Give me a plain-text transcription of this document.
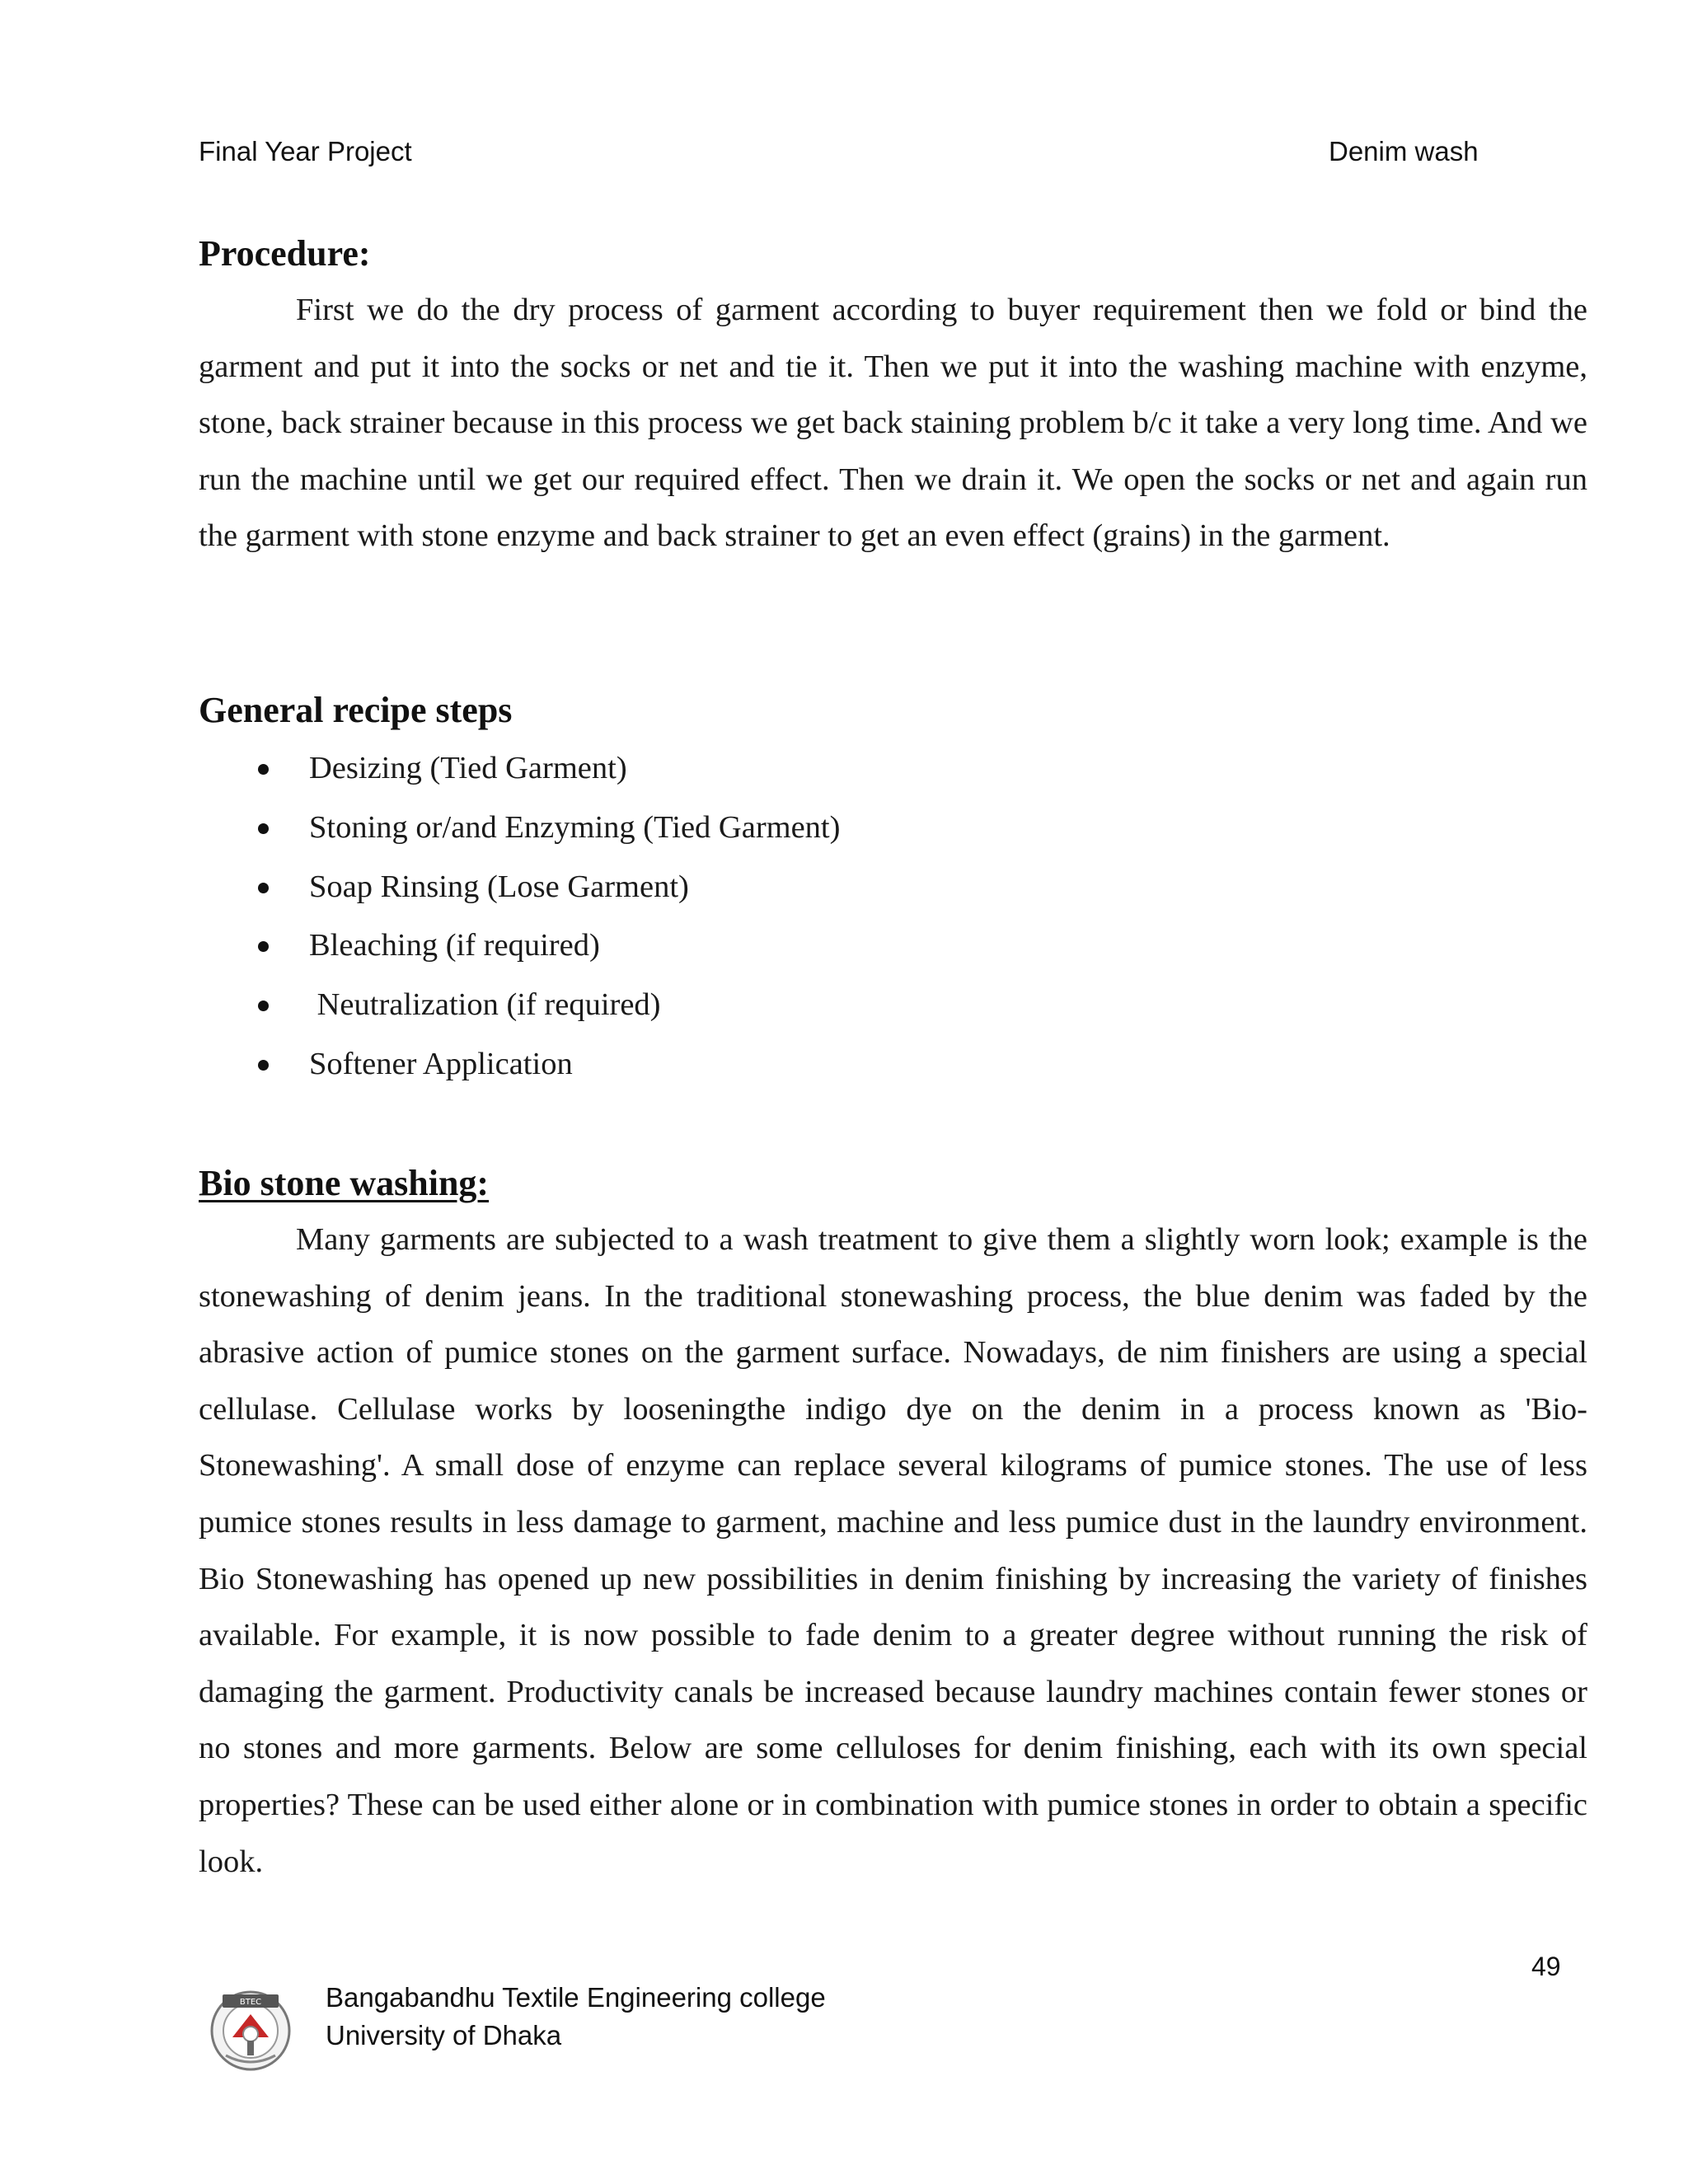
Final Year Project	Denim wash
Procedure:

First we do the dry process of garment according to buyer requirement then we fold or bind the garment and put it into the socks or net and tie it. Then we put it into the washing machine with enzyme, stone, back strainer because in this process we get back staining problem b/c it take a very long time. And we run the machine until we get our required effect. Then we drain it. We open the socks or net and again run the garment with stone enzyme and back strainer to get an even effect (grains) in the garment.

General recipe steps
Desizing (Tied Garment)
Stoning or/and Enzyming (Tied Garment)
Soap Rinsing (Lose Garment)
Bleaching (if required)
Neutralization (if required)
Softener Application
Bio stone washing:

Many garments are subjected to a wash treatment to give them a slightly worn look; example is the stonewashing of denim jeans. In the traditional stonewashing process, the blue denim was faded by the abrasive action of pumice stones on the garment surface. Nowadays, de nim finishers are using a special cellulase. Cellulase works by looseningthe indigo dye on the denim in a process known as 'Bio-Stonewashing'. A small dose of enzyme can replace several kilograms of pumice stones. The use of less pumice stones results in less damage to garment, machine and less pumice dust in the laundry environment. Bio Stonewashing has opened up new possibilities in denim finishing by increasing the variety of finishes available. For example, it is now possible to fade denim to a greater degree without running the risk of damaging the garment. Productivity canals be increased because laundry machines contain fewer stones or no stones and more garments. Below are some celluloses for denim finishing, each with its own special properties? These can be used either alone or in combination with pumice stones in order to obtain a specific look.

49
BTEC Bangabandhu Textile Engineering college
University of Dhaka
